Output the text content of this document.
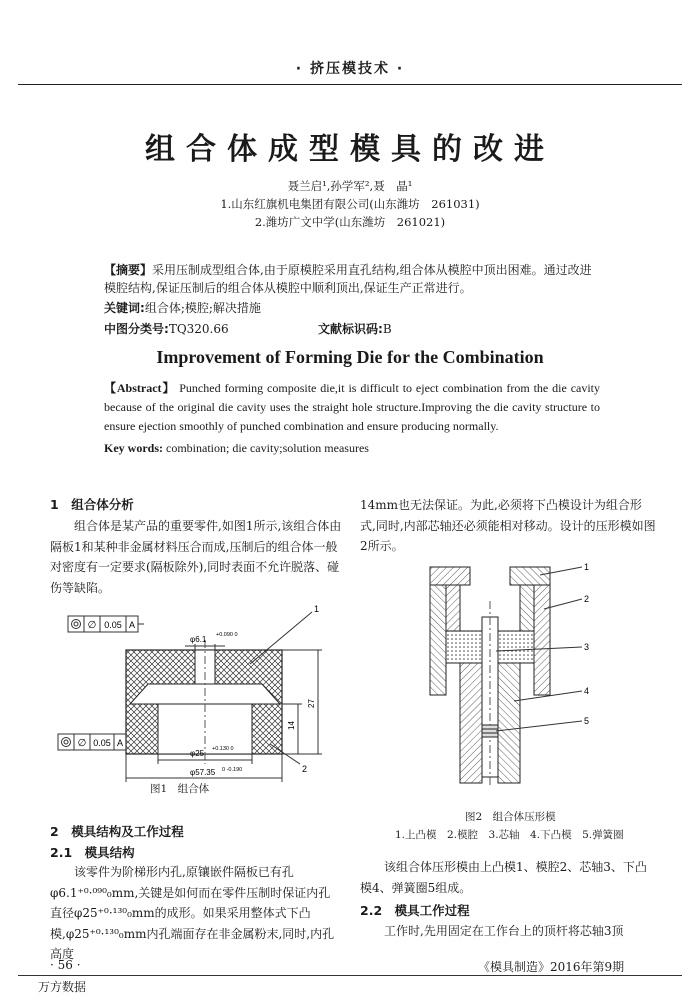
· 挤压模技术 ·
组合体成型模具的改进
聂兰启¹,孙学军²,聂　晶¹
1.山东红旗机电集团有限公司(山东潍坊　261031)
2.潍坊广文中学(山东潍坊　261021)
【摘要】采用压制成型组合体,由于原模腔采用直孔结构,组合体从模腔中顶出困难。通过改进模腔结构,保证压制后的组合体从模腔中顺利顶出,保证生产正常进行。
关键词:组合体;模腔;解决措施
中图分类号:TQ320.66	文献标识码:B
Improvement of Forming Die for the Combination
【Abstract】 Punched forming composite die,it is difficult to eject combination from the die cavity because of the original die cavity uses the straight hole structure.Improving the die cavity structure to ensure ejection smoothly of punched combination and ensure producing normally.
Key words: combination; die cavity;solution measures
1　组合体分析
　　组合体是某产品的重要零件,如图1所示,该组合体由隔板1和某种非金属材料压合而成,压制后的组合体一般对密度有一定要求(隔板除外),同时表面不允许脱落、碰伤等缺陷。
∅ 0.05 A
φ6.1 +0.090 0
φ25 +0.130 0
φ57.35 0 -0.190
14
27
1
2
∅ 0.05 A
图1　组合体
2　模具结构及工作过程
2.1　模具结构
　　该零件为阶梯形内孔,原镶嵌件隔板已有孔φ6.1⁺⁰·⁰⁹⁰₀mm,关键是如何而在零件压制时保证内孔直径φ25⁺⁰·¹³⁰₀mm的成形。如果采用整体式下凸模,φ25⁺⁰·¹³⁰₀mm内孔端面存在非金属粉末,同时,内孔高度
14mm也无法保证。为此,必须将下凸模设计为组合形式,同时,内部芯轴还必须能相对移动。设计的压形模如图2所示。
1
2
3
4
5
图2　组合体压形模
1.上凸模　2.模腔　3.芯轴　4.下凸模　5.弹簧圈
　　该组合体压形模由上凸模1、模腔2、芯轴3、下凸模4、弹簧圈5组成。
2.2　模具工作过程
　　工作时,先用固定在工作台上的顶杆将芯轴3顶
· 56 ·	《模具制造》2016年第9期
万方数据
